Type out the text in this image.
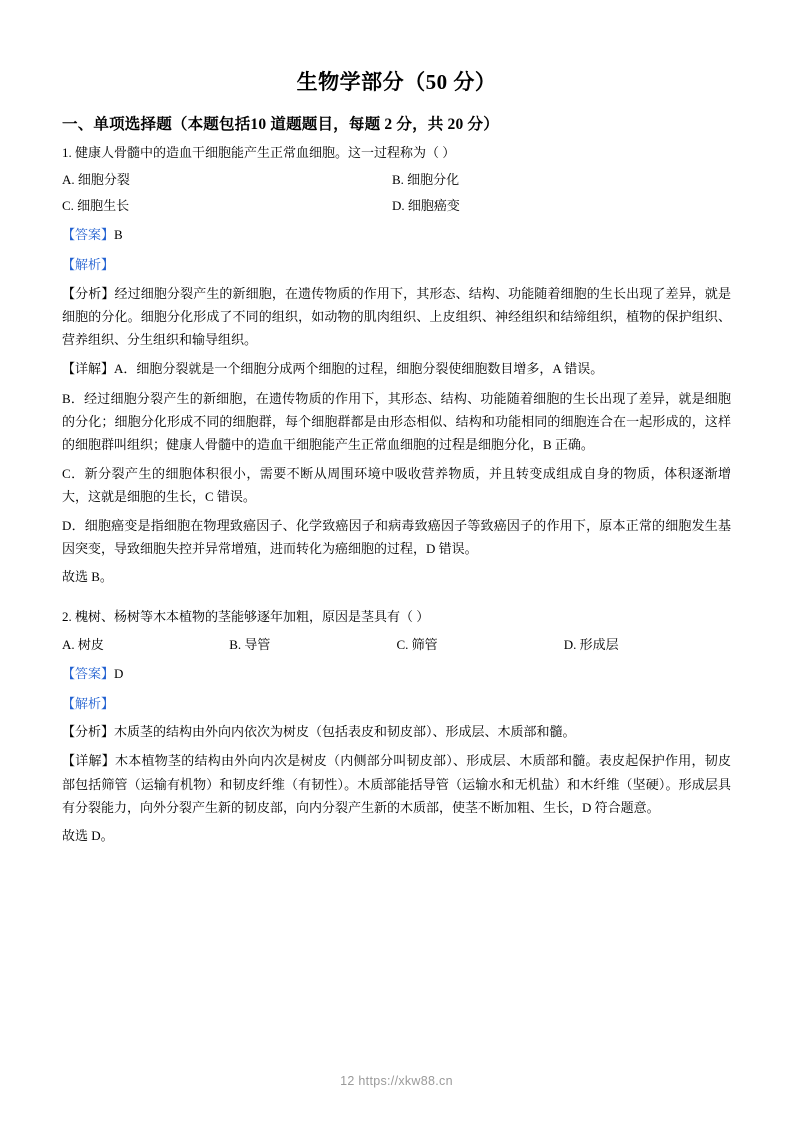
生物学部分（50 分）
一、单项选择题（本题包括10 道题题目，每题 2 分，共 20 分）
1. 健康人骨髓中的造血干细胞能产生正常血细胞。这一过程称为（ ）
A. 细胞分裂	B. 细胞分化
C. 细胞生长	D. 细胞癌变
【答案】B
【解析】
【分析】经过细胞分裂产生的新细胞，在遗传物质的作用下，其形态、结构、功能随着细胞的生长出现了差异，就是细胞的分化。细胞分化形成了不同的组织，如动物的肌肉组织、上皮组织、神经组织和结缔组织，植物的保护组织、营养组织、分生组织和输导组织。
【详解】A．细胞分裂就是一个细胞分成两个细胞的过程，细胞分裂使细胞数目增多，A 错误。
B．经过细胞分裂产生的新细胞，在遗传物质的作用下，其形态、结构、功能随着细胞的生长出现了差异，就是细胞的分化；细胞分化形成不同的细胞群，每个细胞群都是由形态相似、结构和功能相同的细胞连合在一起形成的，这样的细胞群叫组织；健康人骨髓中的造血干细胞能产生正常血细胞的过程是细胞分化，B 正确。
C．新分裂产生的细胞体积很小，需要不断从周围环境中吸收营养物质，并且转变成组成自身的物质，体积逐渐增大，这就是细胞的生长，C 错误。
D．细胞癌变是指细胞在物理致癌因子、化学致癌因子和病毒致癌因子等致癌因子的作用下，原本正常的细胞发生基因突变，导致细胞失控并异常增殖，进而转化为癌细胞的过程，D 错误。
故选 B。
2. 槐树、杨树等木本植物的茎能够逐年加粗，原因是茎具有（ ）
A. 树皮	B. 导管	C. 筛管	D. 形成层
【答案】D
【解析】
【分析】木质茎的结构由外向内依次为树皮（包括表皮和韧皮部）、形成层、木质部和髓。
【详解】木本植物茎的结构由外向内次是树皮（内侧部分叫韧皮部）、形成层、木质部和髓。表皮起保护作用，韧皮部包括筛管（运输有机物）和韧皮纤维（有韧性）。木质部能括导管（运输水和无机盐）和木纤维（坚硬）。形成层具有分裂能力，向外分裂产生新的韧皮部，向内分裂产生新的木质部，使茎不断加粗、生长，D 符合题意。
故选 D。
12 https://xkw88.cn
